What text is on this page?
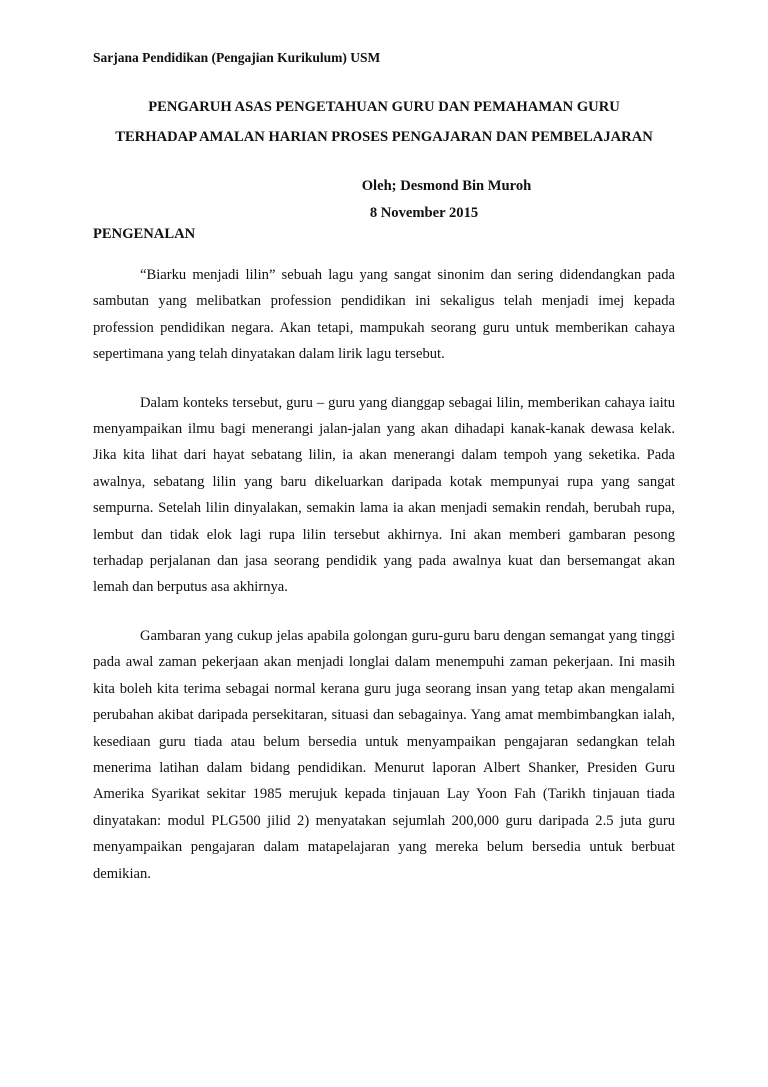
Sarjana Pendidikan (Pengajian Kurikulum) USM

PENGARUH ASAS PENGETAHUAN GURU DAN PEMAHAMAN GURU
TERHADAP AMALAN HARIAN PROSES PENGAJARAN DAN PEMBELAJARAN
Oleh; Desmond Bin Muroh
8 November 2015
PENGENALAN

“Biarku menjadi lilin” sebuah lagu yang sangat sinonim dan sering didendangkan pada sambutan yang melibatkan profession pendidikan ini sekaligus telah menjadi imej kepada profession pendidikan negara. Akan tetapi, mampukah seorang guru untuk memberikan cahaya sepertimana yang telah dinyatakan dalam lirik lagu tersebut.

Dalam konteks tersebut, guru – guru yang dianggap sebagai lilin, memberikan cahaya iaitu menyampaikan ilmu bagi menerangi jalan-jalan yang akan dihadapi kanak-kanak dewasa kelak. Jika kita lihat dari hayat sebatang lilin, ia akan menerangi dalam tempoh yang seketika. Pada awalnya, sebatang lilin yang baru dikeluarkan daripada kotak mempunyai rupa yang sangat sempurna. Setelah lilin dinyalakan, semakin lama ia akan menjadi semakin rendah, berubah rupa, lembut dan tidak elok lagi rupa lilin tersebut akhirnya. Ini akan memberi gambaran pesong terhadap perjalanan dan jasa seorang pendidik yang pada awalnya kuat dan bersemangat akan lemah dan berputus asa akhirnya.

Gambaran yang cukup jelas apabila golongan guru-guru baru dengan semangat yang tinggi pada awal zaman pekerjaan akan menjadi longlai dalam menempuhi zaman pekerjaan. Ini masih kita boleh kita terima sebagai normal kerana guru juga seorang insan yang tetap akan mengalami perubahan akibat daripada persekitaran, situasi dan sebagainya. Yang amat membimbangkan ialah, kesediaan guru tiada atau belum bersedia untuk menyampaikan pengajaran sedangkan telah menerima latihan dalam bidang pendidikan. Menurut laporan Albert Shanker, Presiden Guru Amerika Syarikat sekitar 1985 merujuk kepada tinjauan Lay Yoon Fah (Tarikh tinjauan tiada dinyatakan: modul PLG500 jilid 2) menyatakan sejumlah 200,000 guru daripada 2.5 juta guru menyampaikan pengajaran dalam matapelajaran yang mereka belum bersedia untuk berbuat demikian.
